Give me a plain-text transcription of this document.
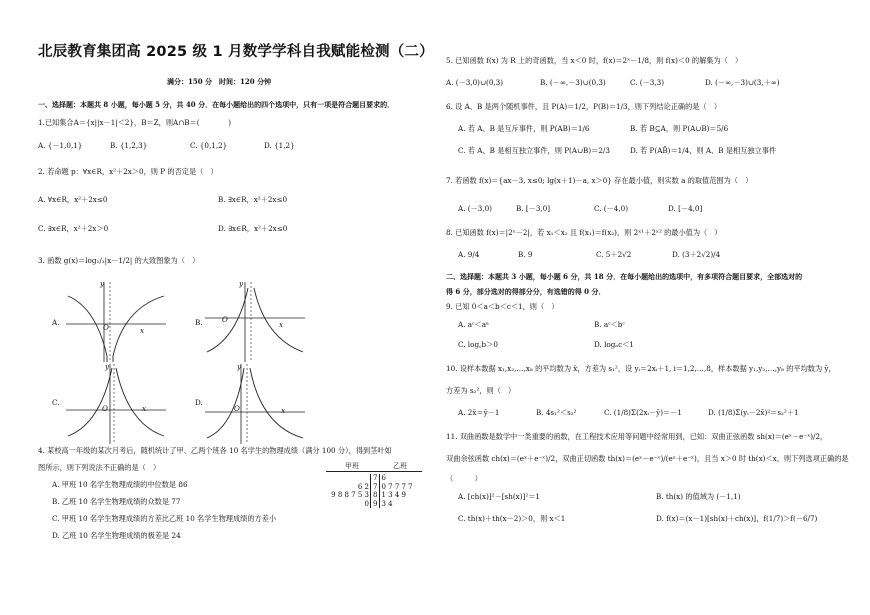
北辰教育集团高 2025 级 1 月数学学科自我赋能检测（二）
满分：150 分　时间：120 分钟
一、选择题：本题共 8 小题，每小题 5 分，共 40 分．在每小题给出的四个选项中，只有一项是符合题目要求的．
1.已知集合A＝{x||x－1|＜2}，B＝Z，则A∩B＝(　　　　)
A. {－1,0,1}	B. {1,2,3}	C. {0,1,2}	D. {1,2}
2. 若命题 p：∀x∈R，x²＋2x＞0，则 P 的否定是（　）
A. ∀x∈R，x²＋2x≤0	B. ∃x∈R，x²＋2x≤0
C. ∃x∈R，x²＋2x＞0	D. ∃x∈R，x²＋2x≤0
3. 函数 g(x)＝log₁/₃|x－1/2| 的大致图象为（　）
A.
O
y
x
B.	O
y
x
C.
O
y
x
D.
O
y
x
4. 某校高一年级的某次月考后，随机统计了甲、乙两个班各 10 名学生的物理成绩（满分 100 分），得到茎叶如
图所示，则下列说法不正确的是（　）
A. 甲班 10 名学生物理成绩的中位数是 86
B. 乙班 10 名学生物理成绩的众数是 77
C. 甲班 10 名学生物理成绩的方差比乙班 10 名学生物理成绩的方差小
D. 乙班 10 名学生物理成绩的极差是 24
甲班	乙班
	7	6
6 2	7	0 7 7 7 7
9 8 8 7 5 3	8	1 3 4 9
0	9	3 4
5. 已知函数 f(x) 为 R 上的奇函数，当 x＜0 时，f(x)＝2ˣ－1/8，则 f(x)＜0 的解集为（　）
A. (－3,0)∪(0,3)	B. (－∞,－3)∪(0,3)	C. (－3,3)	D. (－∞,－3)∪(3,＋∞)
6. 设 A、B 是两个随机事件，且 P(A)＝1/2，P(B)＝1/3，则下列结论正确的是（　）
A. 若 A、B 是互斥事件，则 P(AB)＝1/6	B. 若 B⊆A，则 P(A∪B)＝5/6
C. 若 A、B 是相互独立事件，则 P(A∪B)＝2/3	D. 若 P(AB̄)＝1/4，则 A、B 是相互独立事件
7. 若函数 f(x)＝{ax－3, x≤0; lg(x＋1)－a, x＞0} 存在最小值，则实数 a 的取值范围为（　）
A. (－3,0)	B. [－3,0]	C. (－4,0)	D. [－4,0]
8. 已知函数 f(x)＝|2ˣ－2|，若 x₁＜x₂ 且 f(x₁)＝f(x₂)，则 2ˣ¹＋2ˣ² 的最小值为（　）
A. 9/4	B. 9	C. 5＋2√2	D. (3＋2√2)/4
二、选择题：本题共 3 小题，每小题 6 分，共 18 分．在每小题给出的选项中，有多项符合题目要求，全部选对的
得 6 分，部分选对的得部分分，有选错的得 0 分．
9. 已知 0＜a＜b＜c＜1，则（　）
A. aᶜ＜aᵃ	B. aᶜ＜bᶜ
C. log꜀b＞0	D. logₐc＜1
10. 设样本数据 x₁,x₂,…,x₈ 的平均数为 x̄，方差为 s₁²，设 yᵢ＝2xᵢ＋1, i＝1,2,…,8，样本数据 y₁,y₂,…,y₈ 的平均数为 ȳ，
方差为 s₂²，则（　）
A. 2x̄＝ȳ－1	B. 4s₁²＜s₂²	C. (1/8)Σ(2xᵢ－ȳ)＝－1	D. (1/8)Σ(yᵢ－2x̄)²＝s₂²＋1
11. 双曲函数是数学中一类重要的函数，在工程技术应用等问题中经常用到，已知：双曲正弦函数 sh(x)＝(eˣ－e⁻ˣ)/2，
双曲余弦函数 ch(x)＝(eˣ＋e⁻ˣ)/2，双曲正切函数 th(x)＝(eˣ－e⁻ˣ)/(eˣ＋e⁻ˣ)，且当 x＞0 时 th(x)＜x，则下列选项正确的是
（　　　）
A. [ch(x)]²－[sh(x)]²＝1	B. th(x) 的值域为 (－1,1)
C. th(x)＋th(x－2)＞0，则 x＜1	D. f(x)＝(x－1)[sh(x)＋ch(x)]，f(1/7)＞f(－6/7)
